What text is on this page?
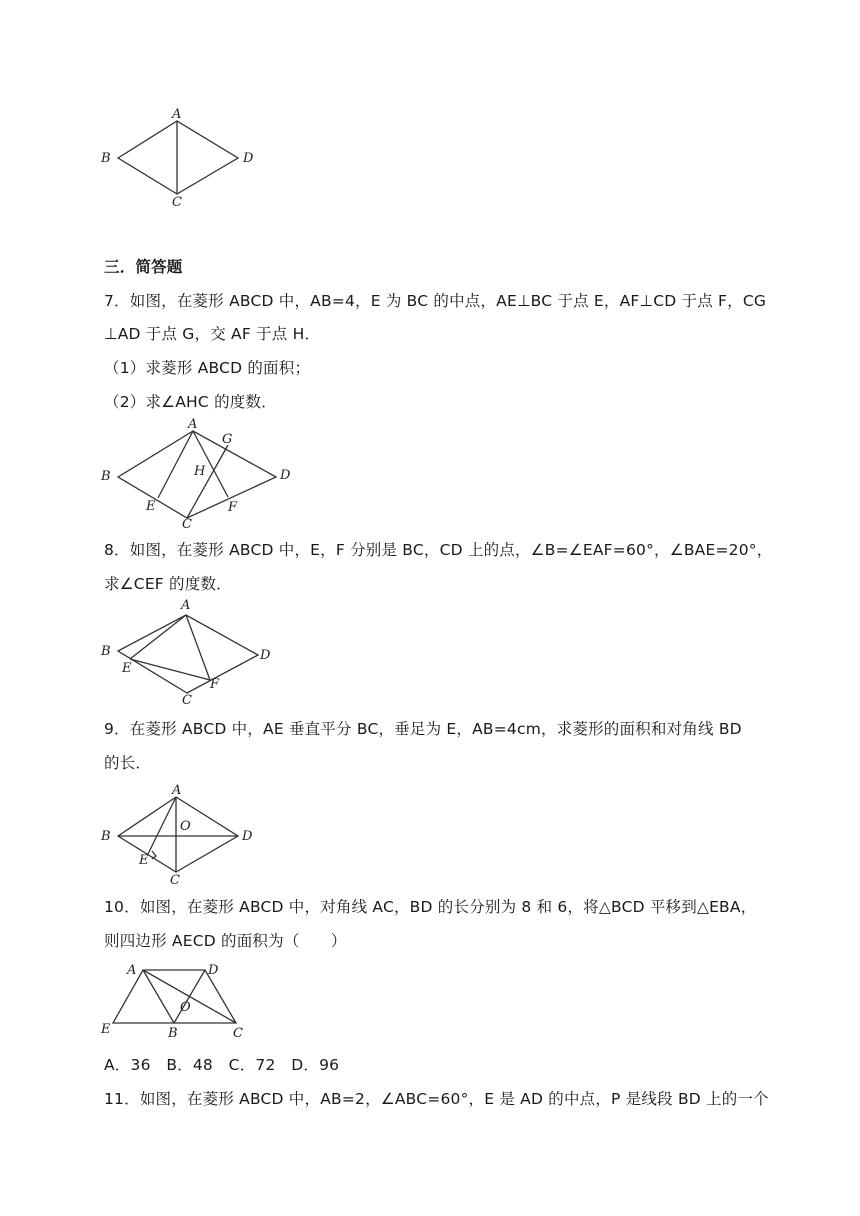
A
B
C
D
三．简答题
7．如图，在菱形 ABCD 中，AB=4，E 为 BC 的中点，AE⊥BC 于点 E，AF⊥CD 于点 F，CG
⊥AD 于点 G，交 AF 于点 H．
（1）求菱形 ABCD 的面积；
（2）求∠AHC 的度数．
A
B
C
D
E	F
G
H
8．如图，在菱形 ABCD 中，E，F 分别是 BC，CD 上的点，∠B=∠EAF=60°，∠BAE=20°，
求∠CEF 的度数．
A
B
C
D
E
F
9．在菱形 ABCD 中，AE 垂直平分 BC，垂足为 E，AB=4cm，求菱形的面积和对角线 BD
的长．
A
B
C
D
E
O
10．如图，在菱形 ABCD 中，对角线 AC，BD 的长分别为 8 和 6，将△BCD 平移到△EBA，
则四边形 AECD 的面积为（　　）
A	D
E	B	C
O
A．36　B．48　C．72　D．96
11．如图，在菱形 ABCD 中，AB=2，∠ABC=60°，E 是 AD 的中点，P 是线段 BD 上的一个
